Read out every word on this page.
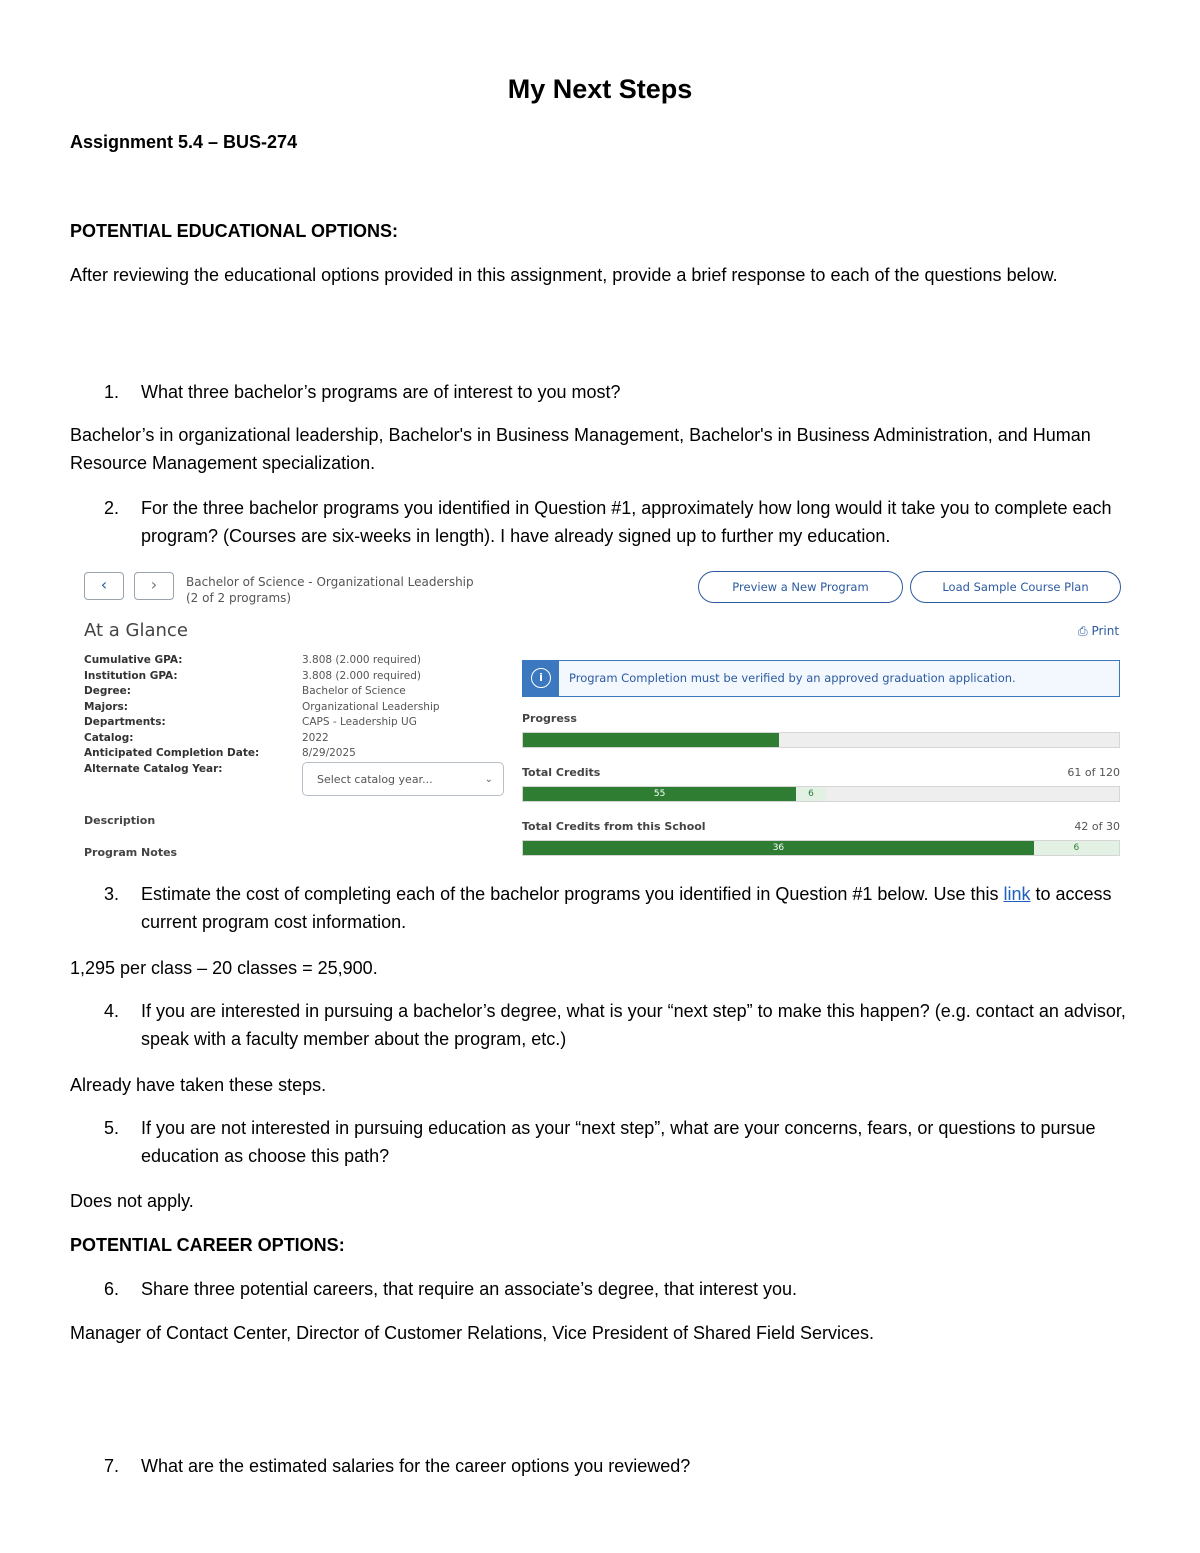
My Next Steps
Assignment 5.4 – BUS-274
POTENTIAL EDUCATIONAL OPTIONS:
After reviewing the educational options provided in this assignment, provide a brief response to each of the questions below.
1.	What three bachelor’s programs are of interest to you most?
Bachelor’s in organizational leadership, Bachelor's in Business Management, Bachelor's in Business Administration, and Human Resource Management specialization.
2.	For the three bachelor programs you identified in Question #1, approximately how long would it take you to complete each program? (Courses are six-weeks in length). I have already signed up to further my education.
‹	›	Bachelor of Science - Organizational Leadership
(2 of 2 programs)
Preview a New Program	Load Sample Course Plan
At a Glance	⎙ Print
Cumulative GPA:	3.808 (2.000 required)
Institution GPA:	3.808 (2.000 required)
Degree:	Bachelor of Science
Majors:	Organizational Leadership
Departments:	CAPS - Leadership UG
Catalog:	2022
Anticipated Completion Date:	8/29/2025
Alternate Catalog Year:
Select catalog year...	⌄
Description
Program Notes
i	Program Completion must be verified by an approved graduation application.
Progress
Total Credits	61 of 120
55	6
Total Credits from this School	42 of 30
36	6
3.	Estimate the cost of completing each of the bachelor programs you identified in Question #1 below. Use this link to access current program cost information.
1,295 per class – 20 classes = 25,900.
4.	If you are interested in pursuing a bachelor’s degree, what is your “next step” to make this happen? (e.g. contact an advisor, speak with a faculty member about the program, etc.)
Already have taken these steps.
5.	If you are not interested in pursuing education as your “next step”, what are your concerns, fears, or questions to pursue education as choose this path?
Does not apply.
POTENTIAL CAREER OPTIONS:
6.	Share three potential careers, that require an associate’s degree, that interest you.
Manager of Contact Center, Director of Customer Relations, Vice President of Shared Field Services.
7.	What are the estimated salaries for the career options you reviewed?
